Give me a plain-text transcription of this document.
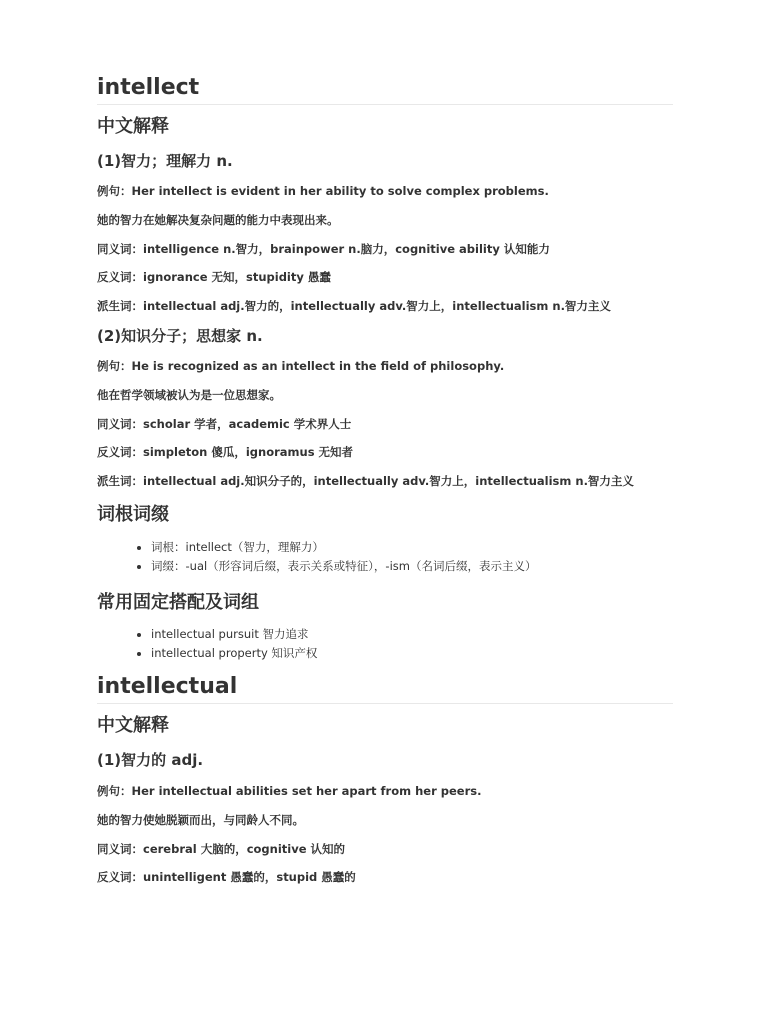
intellect
中文解释
(1)智力；理解力 n.

例句：Her intellect is evident in her ability to solve complex problems.

她的智力在她解决复杂问题的能力中表现出来。

同义词：intelligence n.智力，brainpower n.脑力，cognitive ability 认知能力

反义词：ignorance 无知，stupidity 愚蠢

派生词：intellectual adj.智力的，intellectually adv.智力上，intellectualism n.智力主义

(2)知识分子；思想家 n.

例句：He is recognized as an intellect in the field of philosophy.

他在哲学领域被认为是一位思想家。

同义词：scholar 学者，academic 学术界人士

反义词：simpleton 傻瓜，ignoramus 无知者

派生词：intellectual adj.知识分子的，intellectually adv.智力上，intellectualism n.智力主义

词根词缀
词根：intellect（智力，理解力）
词缀：-ual（形容词后缀，表示关系或特征），-ism（名词后缀，表示主义）
常用固定搭配及词组
intellectual pursuit 智力追求
intellectual property 知识产权
intellectual
中文解释
(1)智力的 adj.

例句：Her intellectual abilities set her apart from her peers.

她的智力使她脱颖而出，与同龄人不同。

同义词：cerebral 大脑的，cognitive 认知的

反义词：unintelligent 愚蠢的，stupid 愚蠢的
